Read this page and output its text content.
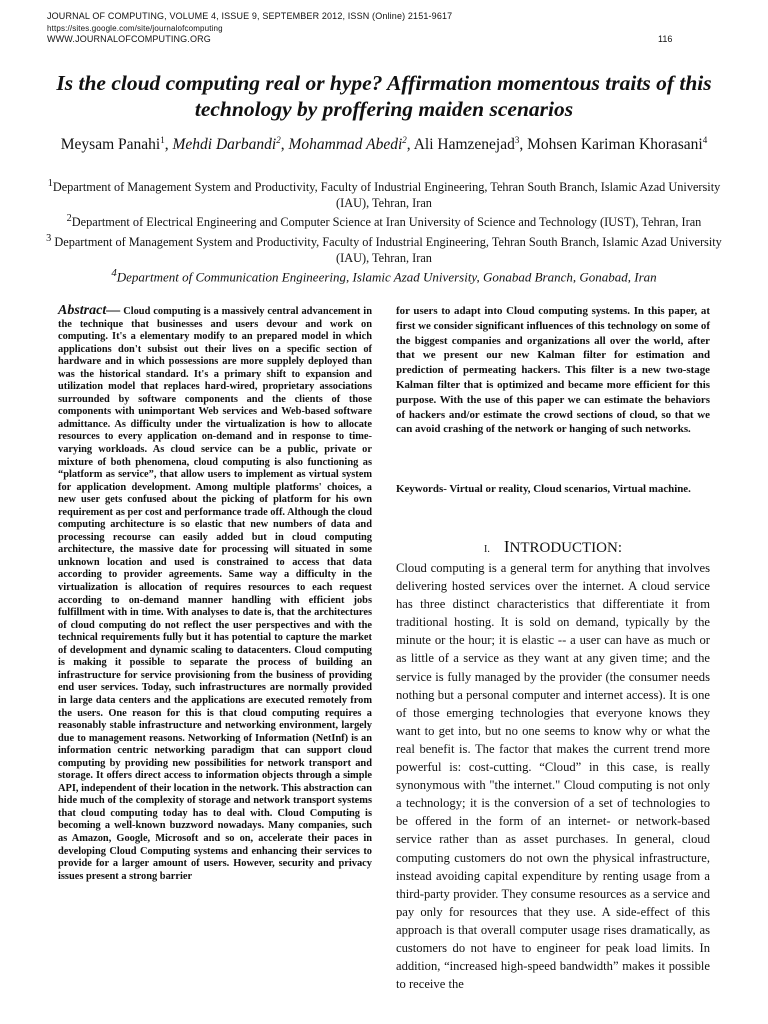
JOURNAL OF COMPUTING, VOLUME 4, ISSUE 9, SEPTEMBER 2012, ISSN (Online) 2151-9617
https://sites.google.com/site/journalofcomputing
WWW.JOURNALOFCOMPUTING.ORG	116
Is the cloud computing real or hype? Affirmation momentous traits of this technology by proffering maiden scenarios
Meysam Panahi$^1$, Mehdi Darbandi$^2$, Mohammad Abedi$^2$, Ali Hamzenejad$^3$, Mohsen Kariman Khorasani$^4$

$^1$Department of Management System and Productivity, Faculty of Industrial Engineering, Tehran South Branch, Islamic Azad University (IAU), Tehran, Iran

$^2$Department of Electrical Engineering and Computer Science at Iran University of Science and Technology (IUST), Tehran, Iran

$^3$ Department of Management System and Productivity, Faculty of Industrial Engineering, Tehran South Branch, Islamic Azad University (IAU), Tehran, Iran

$^4$Department of Communication Engineering, Islamic Azad University, Gonabad Branch, Gonabad, Iran

Abstract— Cloud computing is a massively central advancement in the technique that businesses and users devour and work on computing. It's a elementary modify to an prepared model in which applications don't subsist out their lives on a specific section of hardware and in which possessions are more supplely deployed than was the historical standard. It's a primary shift to expansion and utilization model that replaces hard-wired, proprietary associations surrounded by software components and the clients of those components with unimportant Web services and Web-based software admittance. As difficulty under the virtualization is how to allocate resources to every application on-demand and in response to time-varying workloads. As cloud service can be a public, private or mixture of both phenomena, cloud computing is also functioning as “platform as service”, that allow users to implement as virtual system for application development. Among multiple platforms' choices, a new user gets confused about the picking of platform for his own requirement as per cost and performance trade off. Although the cloud computing architecture is so elastic that new numbers of data and processing recourse can easily added but in cloud computing architecture, the massive date for processing will situated in some unknown location and used is constrained to access that data according to provider agreements. Same way a difficulty in the virtualization is allocation of requires resources to each request according to on-demand manner handling with efficient jobs fulfillment with in time. With analyses to date is, that the architectures of cloud computing do not reflect the user perspectives and with the technical requirements fully but it has potential to capture the market of development and dynamic scaling to datacenters. Cloud computing is making it possible to separate the process of building an infrastructure for service provisioning from the business of providing end user services. Today, such infrastructures are normally provided in large data centers and the applications are executed remotely from the users. One reason for this is that cloud computing requires a reasonably stable infrastructure and networking environment, largely due to management reasons. Networking of Information (NetInf) is an information centric networking paradigm that can support cloud computing by providing new possibilities for network transport and storage. It offers direct access to information objects through a simple API, independent of their location in the network. This abstraction can hide much of the complexity of storage and network transport systems that cloud computing today has to deal with. Cloud Computing is becoming a well-known buzzword nowadays. Many companies, such as Amazon, Google, Microsoft and so on, accelerate their paces in developing Cloud Computing systems and enhancing their services to provide for a larger amount of users. However, security and privacy issues present a strong barrier
for users to adapt into Cloud computing systems. In this paper, at first we consider significant influences of this technology on some of the biggest companies and organizations all over the world, after that we present our new Kalman filter for estimation and prediction of permeating hackers. This filter is a new two-stage Kalman filter that is optimized and became more efficient for this purpose. With the use of this paper we can estimate the behaviors of hackers and/or estimate the crowd sections of cloud, so that we can avoid crashing of the network or hanging of such networks.
Keywords- Virtual or reality, Cloud scenarios, Virtual machine.
I. INTRODUCTION:
Cloud computing is a general term for anything that involves delivering hosted services over the internet. A cloud service has three distinct characteristics that differentiate it from traditional hosting. It is sold on demand, typically by the minute or the hour; it is elastic -- a user can have as much or as little of a service as they want at any given time; and the service is fully managed by the provider (the consumer needs nothing but a personal computer and internet access). It is one of those emerging technologies that everyone knows they want to get into, but no one seems to know why or what the real benefit is. The factor that makes the current trend more powerful is: cost-cutting. “Cloud” in this case, is really synonymous with "the internet." Cloud computing is not only a technology; it is the conversion of a set of technologies to be offered in the form of an internet- or network-based service rather than as asset purchases. In general, cloud computing customers do not own the physical infrastructure, instead avoiding capital expenditure by renting usage from a third-party provider. They consume resources as a service and pay only for resources that they use. A side-effect of this approach is that overall computer usage rises dramatically, as customers do not have to engineer for peak load limits. In addition, “increased high-speed bandwidth” makes it possible to receive the
